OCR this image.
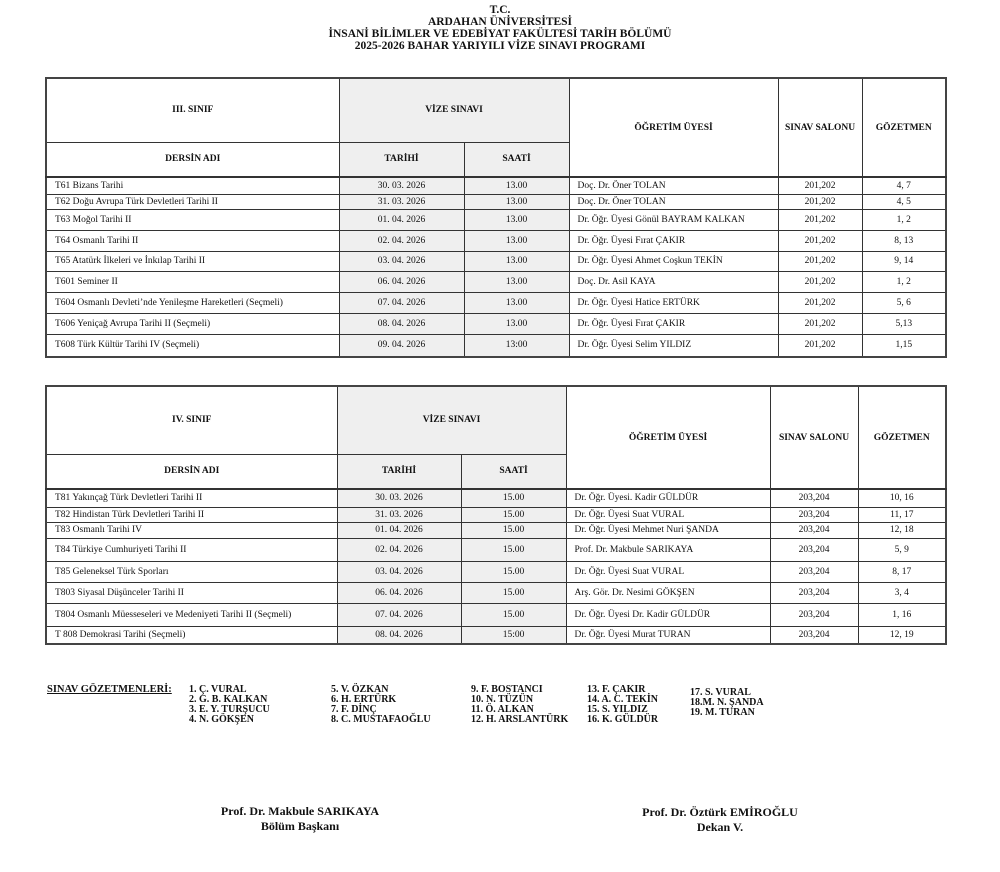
T.C.
ARDAHAN ÜNİVERSİTESİ
İNSANİ BİLİMLER VE EDEBİYAT FAKÜLTESİ TARİH BÖLÜMÜ
2025-2026 BAHAR YARIYILI VİZE SINAVI PROGRAMI
III. SINIF	VİZE SINAVI		ÖĞRETİM ÜYESİ	SINAV SALONU	GÖZETMEN
DERSİN ADI	TARİHİ	SAATİ			
T61 Bizans Tarihi	30. 03. 2026	13.00	Doç. Dr. Öner TOLAN	201,202	4, 7
T62 Doğu Avrupa Türk Devletleri Tarihi II	31. 03. 2026	13.00	Doç. Dr. Öner TOLAN	201,202	4, 5
T63 Moğol Tarihi II	01. 04. 2026	13.00	Dr. Öğr. Üyesi Gönül BAYRAM KALKAN	201,202	1, 2
T64 Osmanlı Tarihi II	02. 04. 2026	13.00	Dr. Öğr. Üyesi Fırat ÇAKIR	201,202	8, 13
T65 Atatürk İlkeleri ve İnkılap Tarihi II	03. 04. 2026	13.00	Dr. Öğr. Üyesi Ahmet Coşkun TEKİN	201,202	9, 14
T601 Seminer II	06. 04. 2026	13.00	Doç. Dr. Asil KAYA	201,202	1, 2
T604 Osmanlı Devleti’nde Yenileşme Hareketleri (Seçmeli)	07. 04. 2026	13.00	Dr. Öğr. Üyesi Hatice ERTÜRK	201,202	5, 6
T606 Yeniçağ Avrupa Tarihi II (Seçmeli)	08. 04. 2026	13.00	Dr. Öğr. Üyesi Fırat ÇAKIR	201,202	5,13
T608 Türk Kültür Tarihi IV (Seçmeli)	09. 04. 2026	13:00	Dr. Öğr. Üyesi Selim YILDIZ	201,202	1,15
IV. SINIF	VİZE SINAVI		ÖĞRETİM ÜYESİ	SINAV SALONU	GÖZETMEN
DERSİN ADI	TARİHİ	SAATİ			
T81 Yakınçağ Türk Devletleri Tarihi II	30. 03. 2026	15.00	Dr. Öğr. Üyesi. Kadir GÜLDÜR	203,204	10, 16
T82 Hindistan Türk Devletleri Tarihi II	31. 03. 2026	15.00	Dr. Öğr. Üyesi Suat VURAL	203,204	11, 17
T83 Osmanlı Tarihi IV	01. 04. 2026	15.00	Dr. Öğr. Üyesi Mehmet Nuri ŞANDA	203,204	12, 18
T84 Türkiye Cumhuriyeti Tarihi II	02. 04. 2026	15.00	Prof. Dr. Makbule SARIKAYA	203,204	5, 9
T85 Geleneksel Türk Sporları	03. 04. 2026	15.00	Dr. Öğr. Üyesi Suat VURAL	203,204	8, 17
T803 Siyasal Düşünceler Tarihi II	06. 04. 2026	15.00	Arş. Gör. Dr. Nesimi GÖKŞEN	203,204	3, 4
T804 Osmanlı Müesseseleri ve Medeniyeti Tarihi II (Seçmeli)	07. 04. 2026	15.00	Dr. Öğr. Üyesi Dr. Kadir GÜLDÜR	203,204	1, 16
T 808 Demokrasi Tarihi (Seçmeli)	08. 04. 2026	15:00	Dr. Öğr. Üyesi Murat TURAN	203,204	12, 19
SINAV GÖZETMENLERİ: 1. Ç. VURAL
2. G. B. KALKAN
3. E. Y. TURŞUCU
4. N. GÖKŞEN
5. V. ÖZKAN
6. H. ERTÜRK
7. F. DİNÇ
8. C. MUSTAFAOĞLU
9. F. BOSTANCI
10. N. TÜZÜN
11. Ö. ALKAN
12. H. ARSLANTÜRK
13. F. ÇAKIR
14. A. C. TEKİN
15. S. YILDIZ
16. K. GÜLDÜR
17. S. VURAL
18.M. N. ŞANDA
19. M. TURAN
Prof. Dr. Makbule SARIKAYA
Bölüm Başkanı
Prof. Dr. Öztürk EMİROĞLU
Dekan V.
